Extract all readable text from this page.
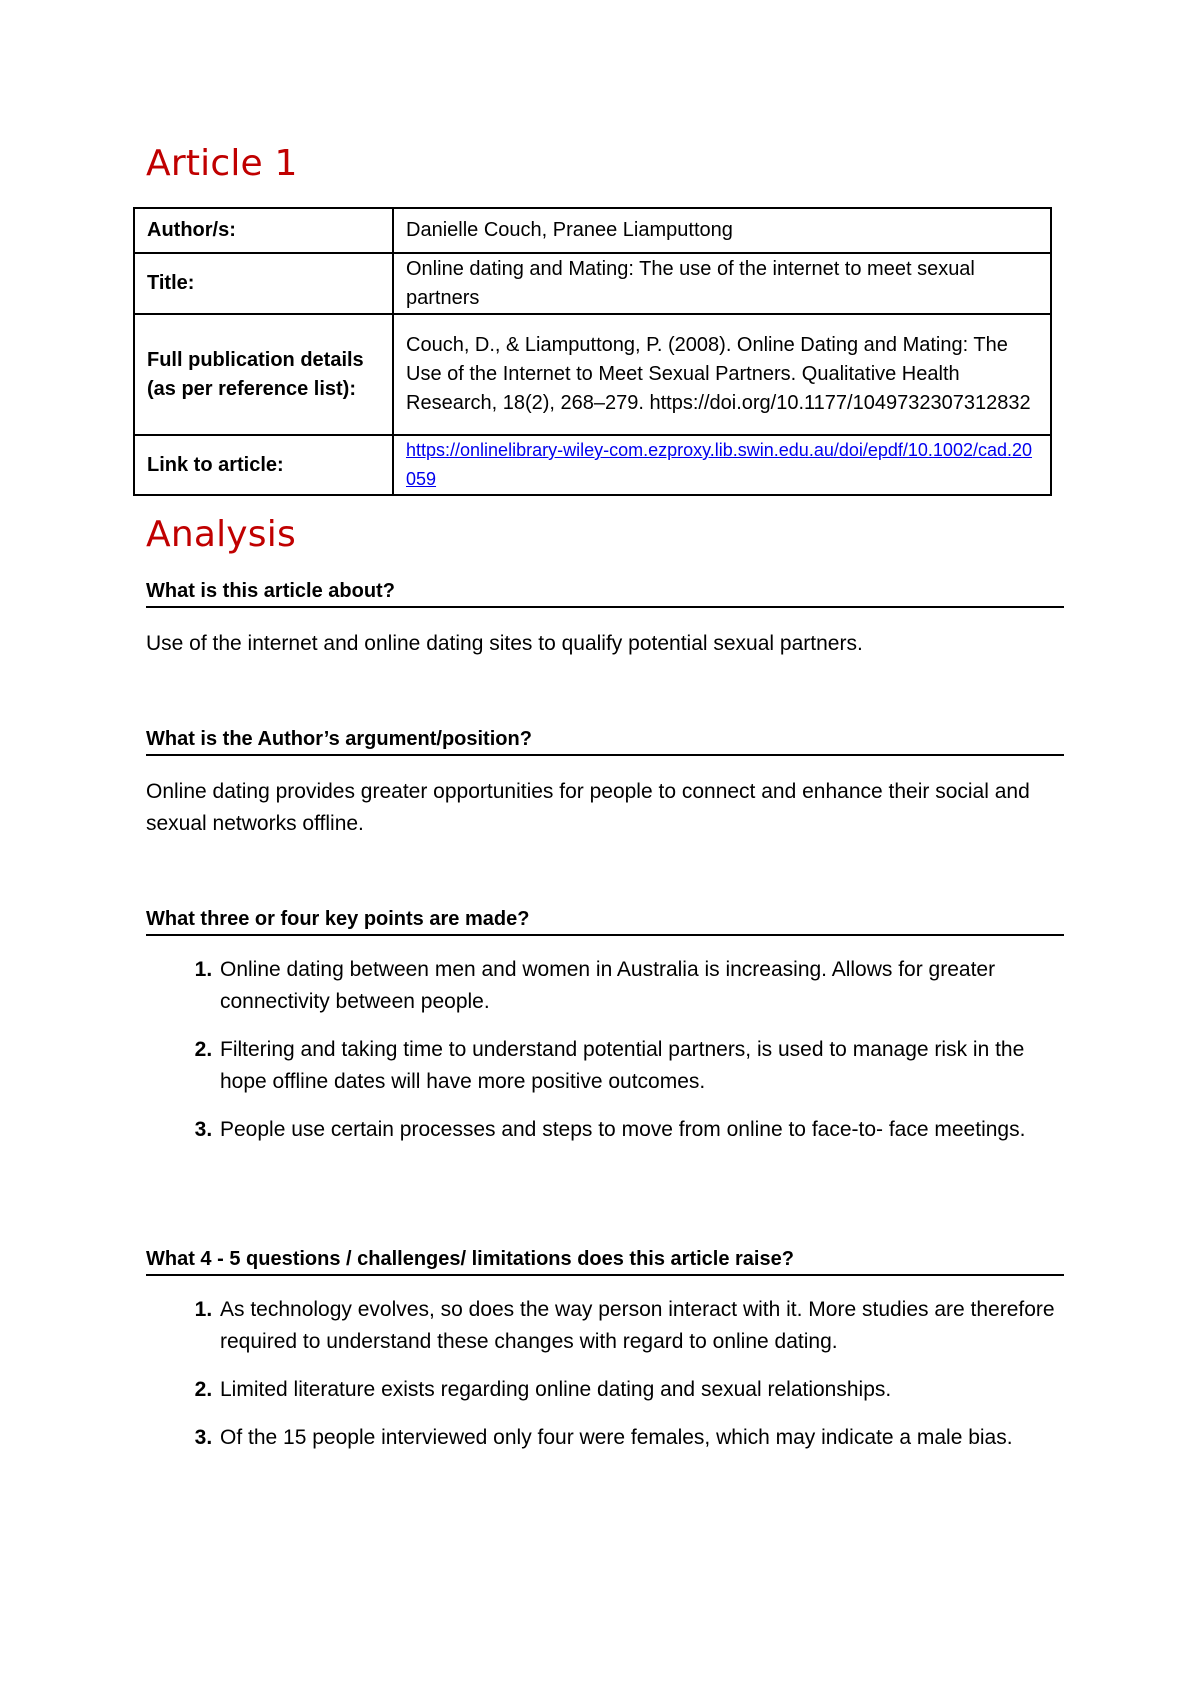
Article 1
Author/s:	Danielle Couch, Pranee Liamputtong
Title:	Online dating and Mating: The use of the internet to meet sexual partners
Full publication details (as per reference list):	Couch, D., & Liamputtong, P. (2008). Online Dating and Mating: The Use of the Internet to Meet Sexual Partners. Qualitative Health Research, 18(2), 268–279. https://doi.org/10.1177/1049732307312832
Link to article:	https://onlinelibrary-wiley-com.ezproxy.lib.swin.edu.au/doi/epdf/10.1002/cad.20059
Analysis

What is this article about?

Use of the internet and online dating sites to qualify potential sexual partners.

What is the Author’s argument/position?

Online dating provides greater opportunities for people to connect and enhance their social and sexual networks offline.

What three or four key points are made?

1. Online dating between men and women in Australia is increasing. Allows for greater connectivity between people.
2. Filtering and taking time to understand potential partners, is used to manage risk in the hope offline dates will have more positive outcomes.
3. People use certain processes and steps to move from online to face-to- face meetings.

What 4 - 5 questions / challenges/ limitations does this article raise?

1. As technology evolves, so does the way person interact with it. More studies are therefore required to understand these changes with regard to online dating.
2. Limited literature exists regarding online dating and sexual relationships.
3. Of the 15 people interviewed only four were females, which may indicate a male bias.
